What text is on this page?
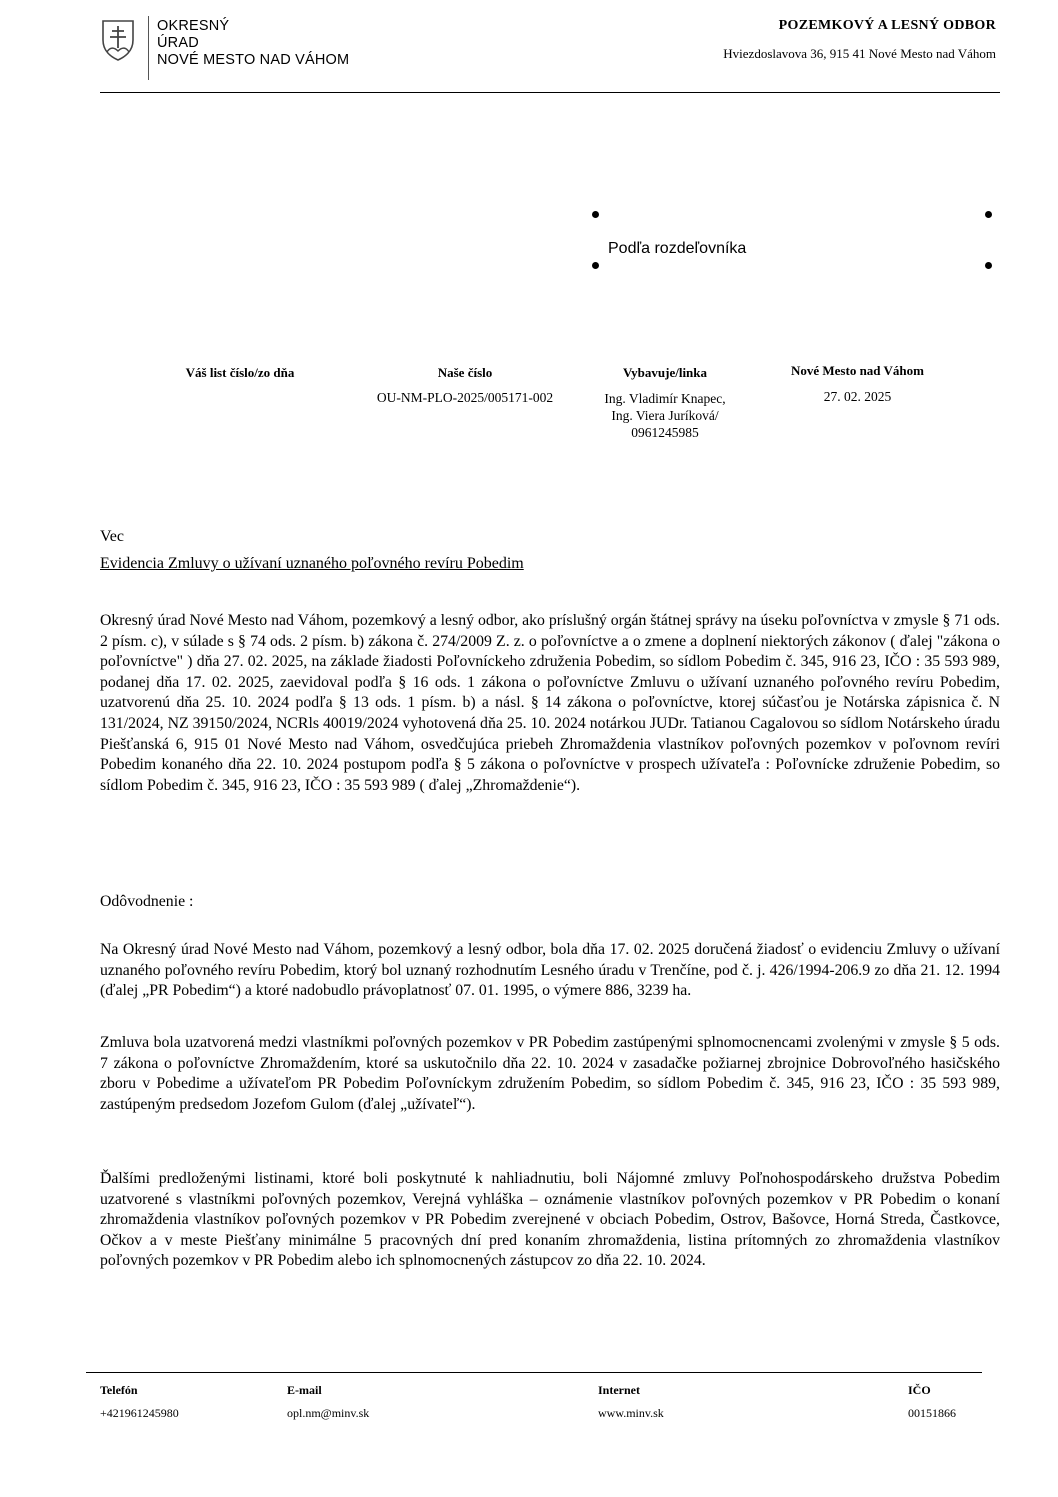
OKRESNÝ
ÚRAD
NOVÉ MESTO NAD VÁHOM
POZEMKOVÝ A LESNÝ ODBOR
Hviezdoslavova 36, 915 41 Nové Mesto nad Váhom
Podľa rozdeľovníka
Váš list číslo/zo dňa	Naše číslo
OU-NM-PLO-2025/005171-002
Vybavuje/linka
Ing. Vladimír Knapec,
Ing. Viera Juríková/
0961245985
Nové Mesto nad Váhom
27. 02. 2025
Vec
Evidencia Zmluvy o užívaní uznaného poľovného revíru Pobedim
Okresný úrad Nové Mesto nad Váhom, pozemkový a lesný odbor, ako príslušný orgán štátnej správy na úseku poľovníctva v zmysle § 71 ods. 2 písm. c), v súlade s § 74 ods. 2 písm. b) zákona č. 274/2009 Z. z. o poľovníctve a o zmene a doplnení niektorých zákonov ( ďalej "zákona o poľovníctve" ) dňa 27. 02. 2025, na základe žiadosti Poľovníckeho združenia Pobedim, so sídlom Pobedim č. 345, 916 23, IČO : 35 593 989, podanej dňa 17. 02. 2025, zaevidoval podľa § 16 ods. 1 zákona o poľovníctve Zmluvu o užívaní uznaného poľovného revíru Pobedim, uzatvorenú dňa 25. 10. 2024 podľa § 13 ods. 1 písm. b) a násl. § 14 zákona o poľovníctve, ktorej súčasťou je Notárska zápisnica č. N 131/2024, NZ 39150/2024, NCRls 40019/2024 vyhotovená dňa 25. 10. 2024 notárkou JUDr. Tatianou Cagalovou so sídlom Notárskeho úradu Piešťanská 6, 915 01 Nové Mesto nad Váhom, osvedčujúca priebeh Zhromaždenia vlastníkov poľovných pozemkov v poľovnom revíri Pobedim konaného dňa 22. 10. 2024 postupom podľa § 5 zákona o poľovníctve v prospech užívateľa : Poľovnícke združenie Pobedim, so sídlom Pobedim č. 345, 916 23, IČO : 35 593 989 ( ďalej „Zhromaždenie“).
Odôvodnenie :
Na Okresný úrad Nové Mesto nad Váhom, pozemkový a lesný odbor, bola dňa 17. 02. 2025 doručená žiadosť o evidenciu Zmluvy o užívaní uznaného poľovného revíru Pobedim, ktorý bol uznaný rozhodnutím Lesného úradu v Trenčíne, pod č. j. 426/1994-206.9 zo dňa 21. 12. 1994 (ďalej „PR Pobedim“) a ktoré nadobudlo právoplatnosť 07. 01. 1995, o výmere 886, 3239 ha.
Zmluva bola uzatvorená medzi vlastníkmi poľovných pozemkov v PR Pobedim zastúpenými splnomocnencami zvolenými v zmysle § 5 ods. 7 zákona o poľovníctve Zhromaždením, ktoré sa uskutočnilo dňa 22. 10. 2024 v zasadačke požiarnej zbrojnice Dobrovoľného hasičského zboru v Pobedime a užívateľom PR Pobedim Poľovníckym združením Pobedim, so sídlom Pobedim č. 345, 916 23, IČO : 35 593 989, zastúpeným predsedom Jozefom Gulom (ďalej „užívateľ“).
Ďalšími predloženými listinami, ktoré boli poskytnuté k nahliadnutiu, boli Nájomné zmluvy Poľnohospodárskeho družstva Pobedim uzatvorené s vlastníkmi poľovných pozemkov, Verejná vyhláška – oznámenie vlastníkov poľovných pozemkov v PR Pobedim o konaní zhromaždenia vlastníkov poľovných pozemkov v PR Pobedim zverejnené v obciach Pobedim, Ostrov, Bašovce, Horná Streda, Častkovce, Očkov a v meste Piešťany minimálne 5 pracovných dní pred konaním zhromaždenia, listina prítomných zo zhromaždenia vlastníkov poľovných pozemkov v PR Pobedim alebo ich splnomocnených zástupcov zo dňa 22. 10. 2024.
Telefón
+421961245980
E-mail
opl.nm@minv.sk
Internet
www.minv.sk
IČO
00151866
